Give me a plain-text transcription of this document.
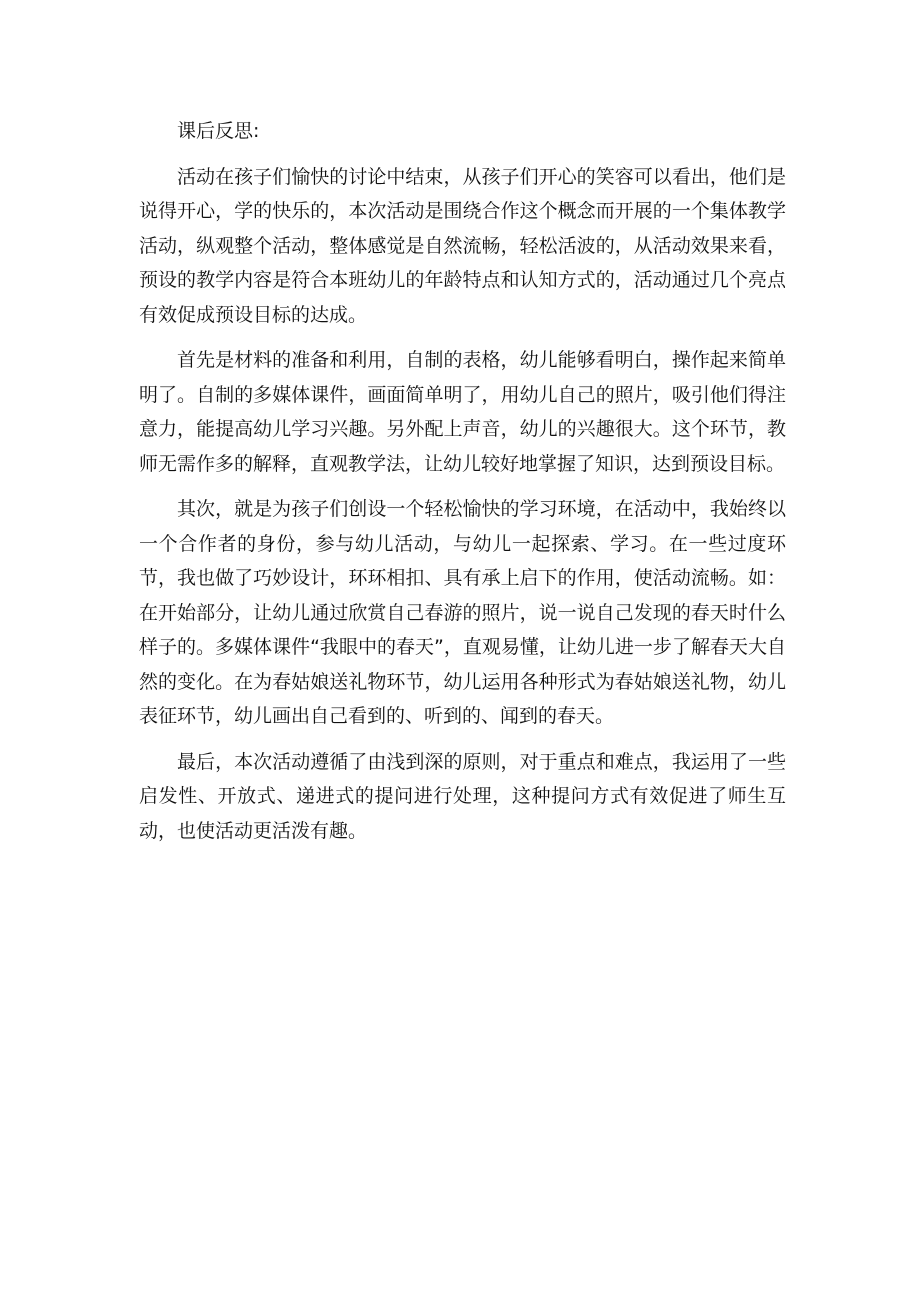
课后反思:

活动在孩子们愉快的讨论中结束，从孩子们开心的笑容可以看出，他们是说得开心，学的快乐的，本次活动是围绕合作这个概念而开展的一个集体教学活动，纵观整个活动，整体感觉是自然流畅，轻松活波的，从活动效果来看，预设的教学内容是符合本班幼儿的年龄特点和认知方式的，活动通过几个亮点有效促成预设目标的达成。

首先是材料的准备和利用，自制的表格，幼儿能够看明白，操作起来简单明了。自制的多媒体课件，画面简单明了，用幼儿自己的照片，吸引他们得注意力，能提高幼儿学习兴趣。另外配上声音，幼儿的兴趣很大。这个环节，教师无需作多的解释，直观教学法，让幼儿较好地掌握了知识，达到预设目标。

其次，就是为孩子们创设一个轻松愉快的学习环境，在活动中，我始终以一个合作者的身份，参与幼儿活动，与幼儿一起探索、学习。在一些过度环节，我也做了巧妙设计，环环相扣、具有承上启下的作用，使活动流畅。如：在开始部分，让幼儿通过欣赏自己春游的照片，说一说自己发现的春天时什么样子的。多媒体课件“我眼中的春天”，直观易懂，让幼儿进一步了解春天大自然的变化。在为春姑娘送礼物环节，幼儿运用各种形式为春姑娘送礼物，幼儿表征环节，幼儿画出自己看到的、听到的、闻到的春天。

最后，本次活动遵循了由浅到深的原则，对于重点和难点，我运用了一些启发性、开放式、递进式的提问进行处理，这种提问方式有效促进了师生互动，也使活动更活泼有趣。
